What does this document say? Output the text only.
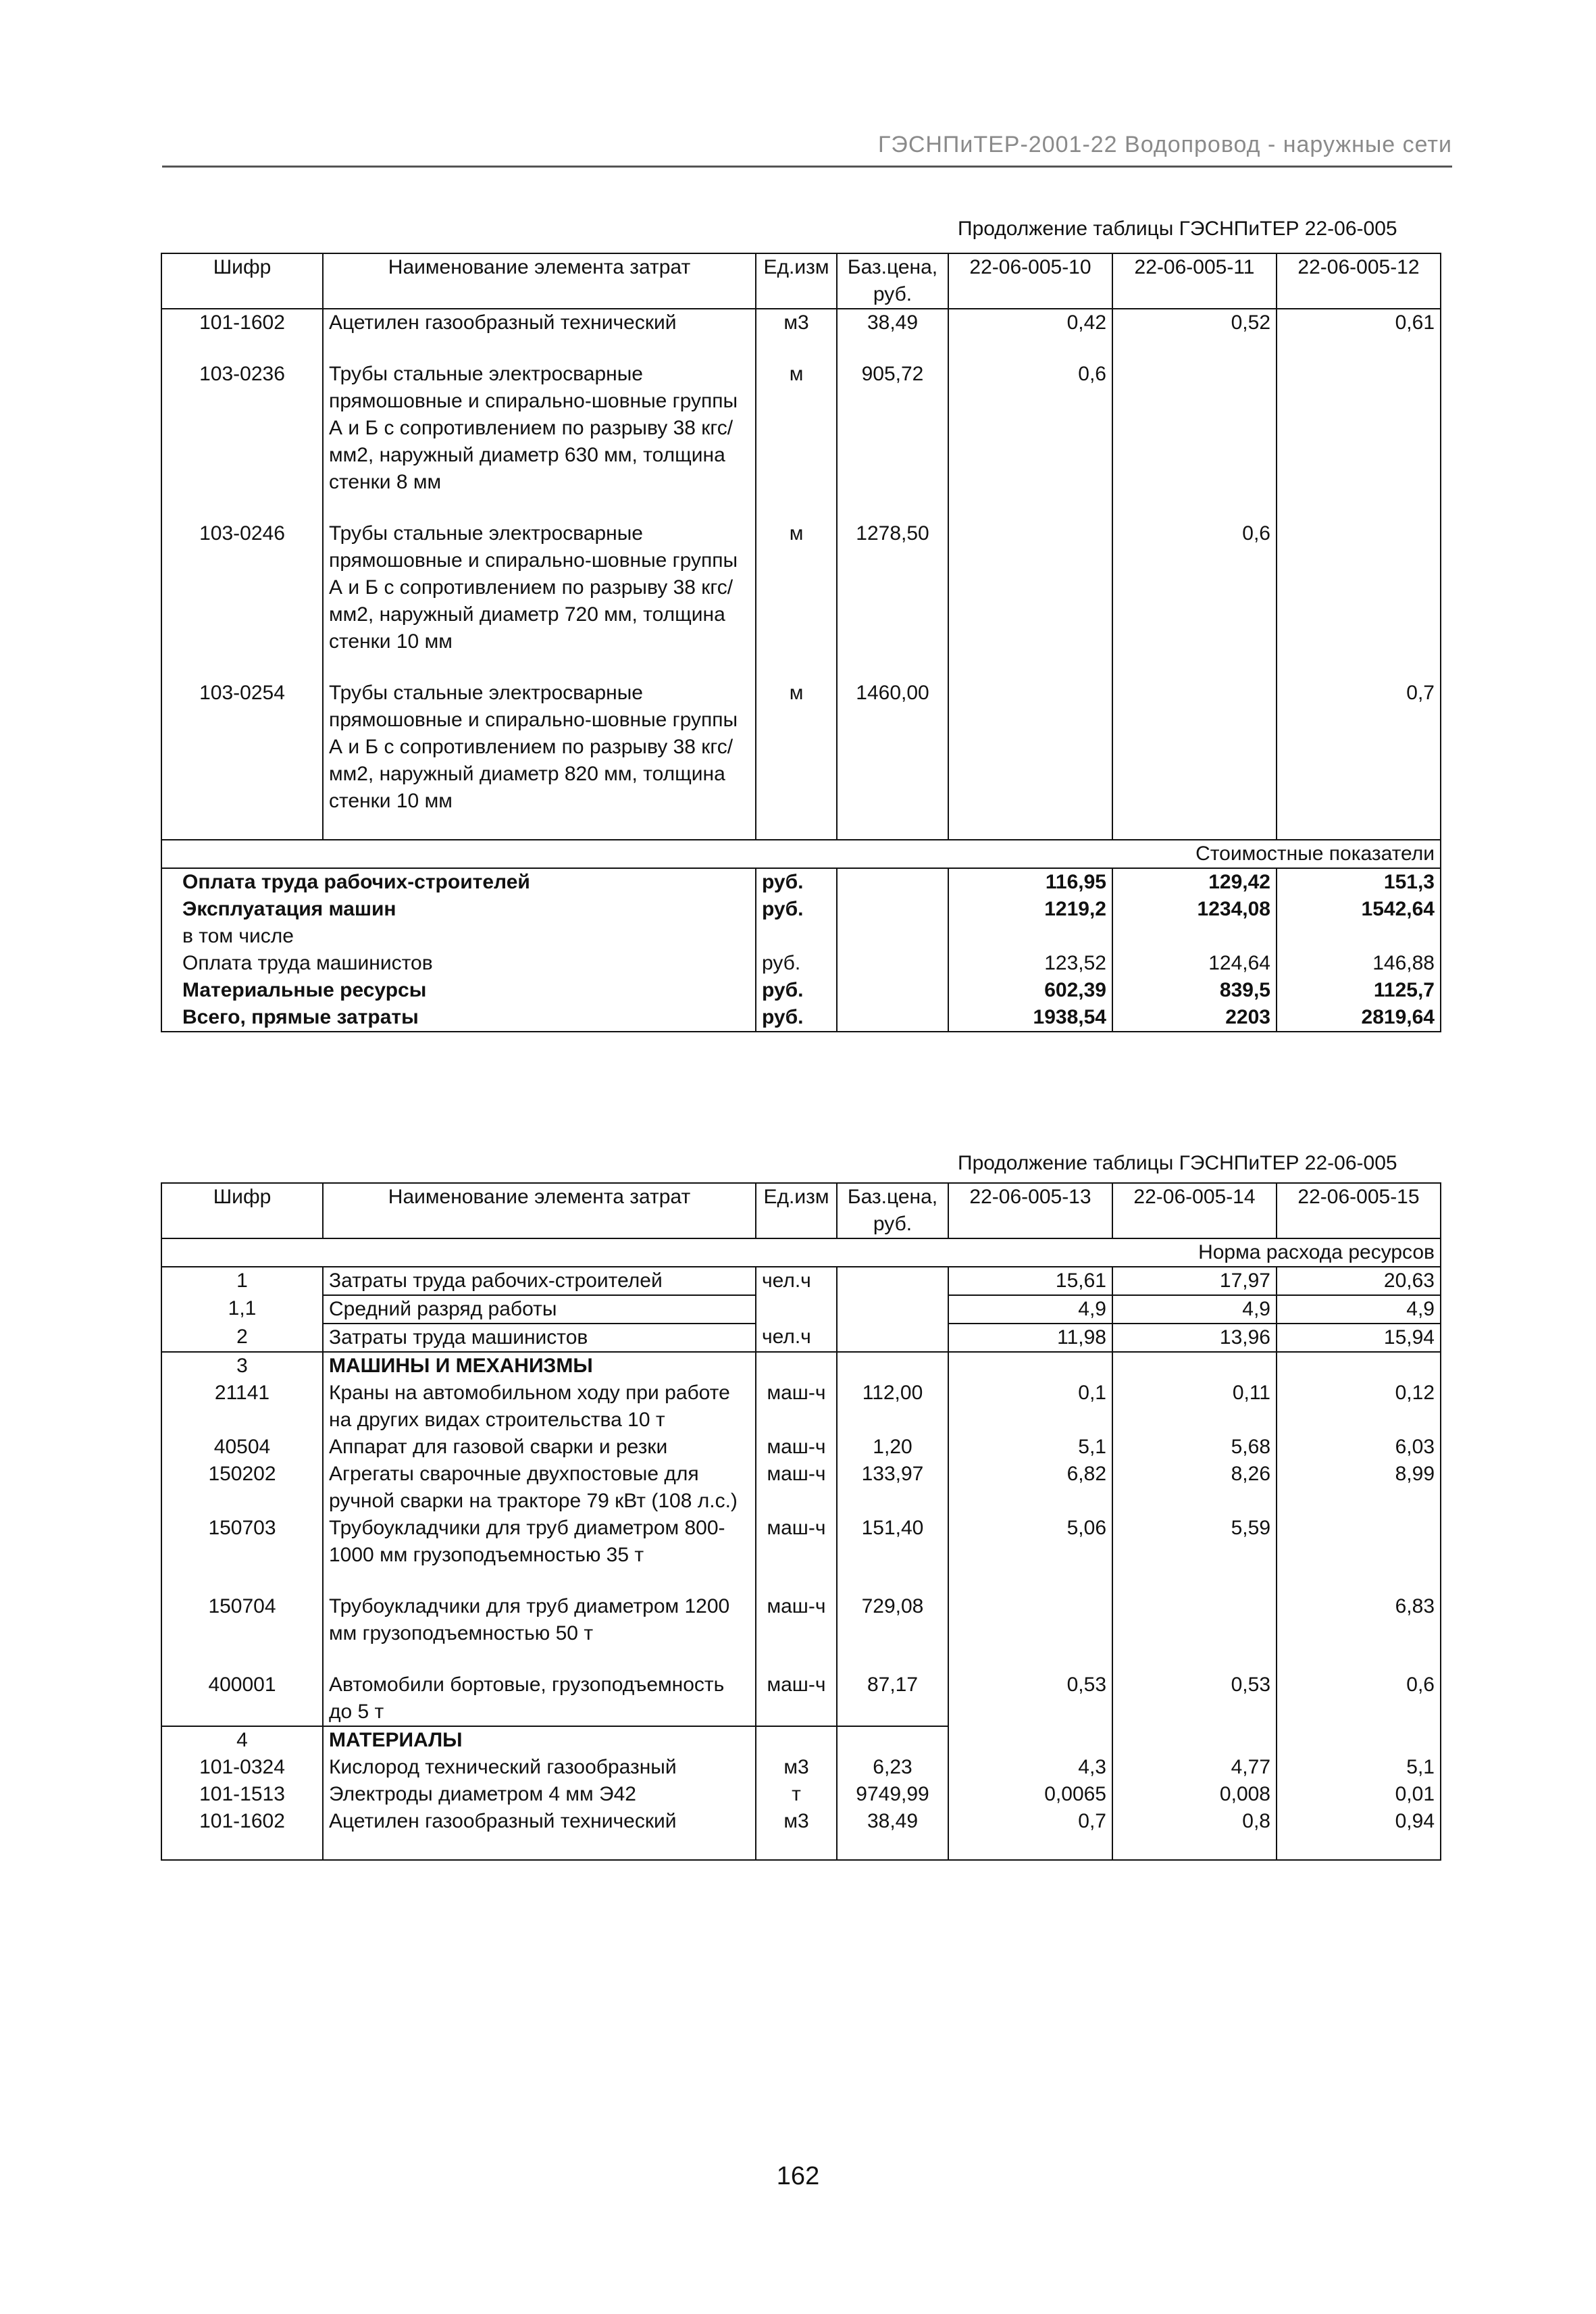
ГЭСНПиТЕР-2001-22 Водопровод - наружные сети
Продолжение таблицы ГЭСНПиТЕР 22-06-005
Шифр	Наименование элемента затрат	Ед.изм	Баз.цена, руб.	22-06-005-10	22-06-005-11	22-06-005-12
101-1602	Ацетилен газообразный технический	м3	38,49	0,42	0,52	0,61

103-0236	Трубы стальные электросварные прямошовные и спирально-шовные группы А и Б с сопротивлением по разрыву 38 кгс/мм2, наружный диаметр 630 мм, толщина стенки 8 мм	м	905,72	0,6		

103-0246	Трубы стальные электросварные прямошовные и спирально-шовные группы А и Б с сопротивлением по разрыву 38 кгс/мм2, наружный диаметр 720 мм, толщина стенки 10 мм	м	1278,50		0,6	

103-0254	Трубы стальные электросварные прямошовные и спирально-шовные группы А и Б с сопротивлением по разрыву 38 кгс/мм2, наружный диаметр 820 мм, толщина стенки 10 мм	м	1460,00			0,7

Стоимостные показатели						
Оплата труда рабочих-строителей		руб.		116,95	129,42	151,3
Эксплуатация машин		руб.		1219,2	1234,08	1542,64
в том числе						
Оплата труда машинистов		руб.		123,52	124,64	146,88
Материальные ресурсы		руб.		602,39	839,5	1125,7
Всего, прямые затраты		руб.		1938,54	2203	2819,64
Продолжение таблицы ГЭСНПиТЕР 22-06-005
Шифр	Наименование элемента затрат	Ед.изм	Баз.цена, руб.	22-06-005-13	22-06-005-14	22-06-005-15
Норма расхода ресурсов						
1	Затраты труда рабочих-строителей	чел.ч		15,61	17,97	20,63
1,1	Средний разряд работы			4,9	4,9	4,9
2	Затраты труда машинистов	чел.ч		11,98	13,96	15,94
3	МАШИНЫ И МЕХАНИЗМЫ					
21141	Краны на автомобильном ходу при работе на других видах строительства 10 т	маш-ч	112,00	0,1	0,11	0,12
40504	Аппарат для газовой сварки и резки	маш-ч	1,20	5,1	5,68	6,03
150202	Агрегаты сварочные двухпостовые для ручной сварки на тракторе 79 кВт (108 л.с.)	маш-ч	133,97	6,82	8,26	8,99
150703	Трубоукладчики для труб диаметром 800-1000 мм грузоподъемностью 35 т	маш-ч	151,40	5,06	5,59	

150704	Трубоукладчики для труб диаметром 1200 мм грузоподъемностью 50 т	маш-ч	729,08			6,83

400001	Автомобили бортовые, грузоподъемность до 5 т	маш-ч	87,17	0,53	0,53	0,6
4	МАТЕРИАЛЫ					
101-0324	Кислород технический газообразный	м3	6,23	4,3	4,77	5,1
101-1513	Электроды диаметром 4 мм Э42	т	9749,99	0,0065	0,008	0,01
101-1602	Ацетилен газообразный технический	м3	38,49	0,7	0,8	0,94

162
